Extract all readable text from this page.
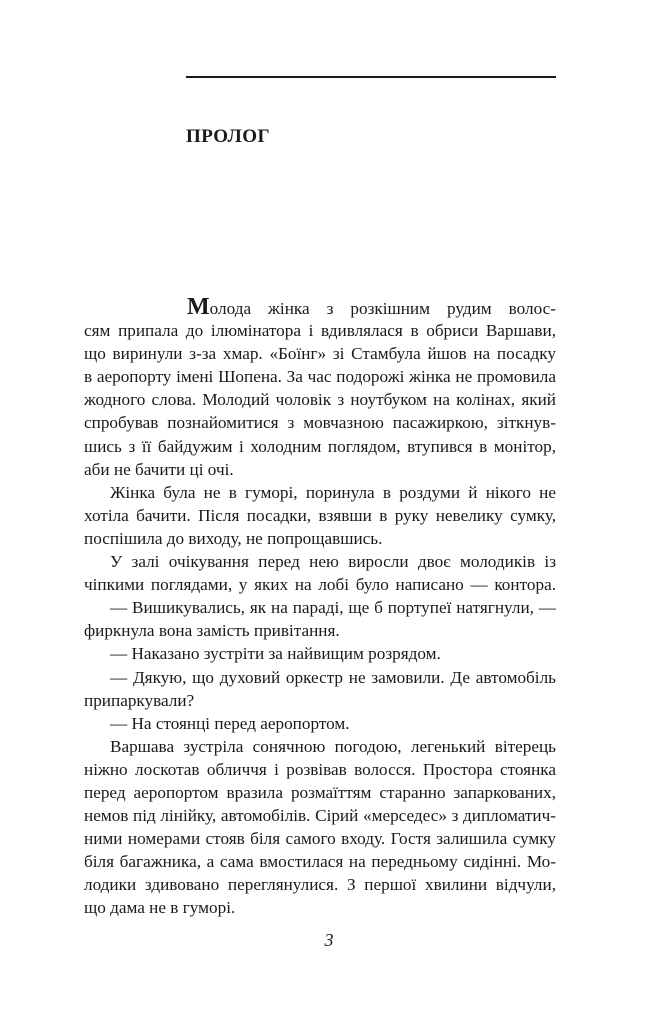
ПРОЛОГ
Молода жінка з розкішним рудим волос-
сям припала до ілюмінатора і вдивлялася в обриси Варшави,
що виринули з-за хмар. «Боїнг» зі Стамбула йшов на посадку
в аеропорту імені Шопена. За час подорожі жінка не промовила
жодного слова. Молодий чоловік з ноутбуком на колінах, який
спробував познайомитися з мовчазною пасажиркою, зіткнув-
шись з її байдужим і холодним поглядом, втупився в монітор,
аби не бачити ці очі.
Жінка була не в гуморі, поринула в роздуми й нікого не
хотіла бачити. Після посадки, взявши в руку невелику сумку,
поспішила до виходу, не попрощавшись.
У залі очікування перед нею виросли двоє молодиків із
чіпкими поглядами, у яких на лобі було написано — контора.
— Вишикувались, як на параді, ще б портупеї натягнули, —
фиркнула вона замість привітання.
— Наказано зустріти за найвищим розрядом.
— Дякую, що духовий оркестр не замовили. Де автомобіль
припаркували?
— На стоянці перед аеропортом.
Варшава зустріла сонячною погодою, легенький вітерець
ніжно лоскотав обличчя і розвівав волосся. Простора стоянка
перед аеропортом вразила розмаїттям старанно запаркованих,
немов під лінійку, автомобілів. Сірий «мерседес» з дипломатич-
ними номерами стояв біля самого входу. Гостя залишила сумку
біля багажника, а сама вмостилася на передньому сидінні. Мо-
лодики здивовано переглянулися. З першої хвилини відчули,
що дама не в гуморі.
3
